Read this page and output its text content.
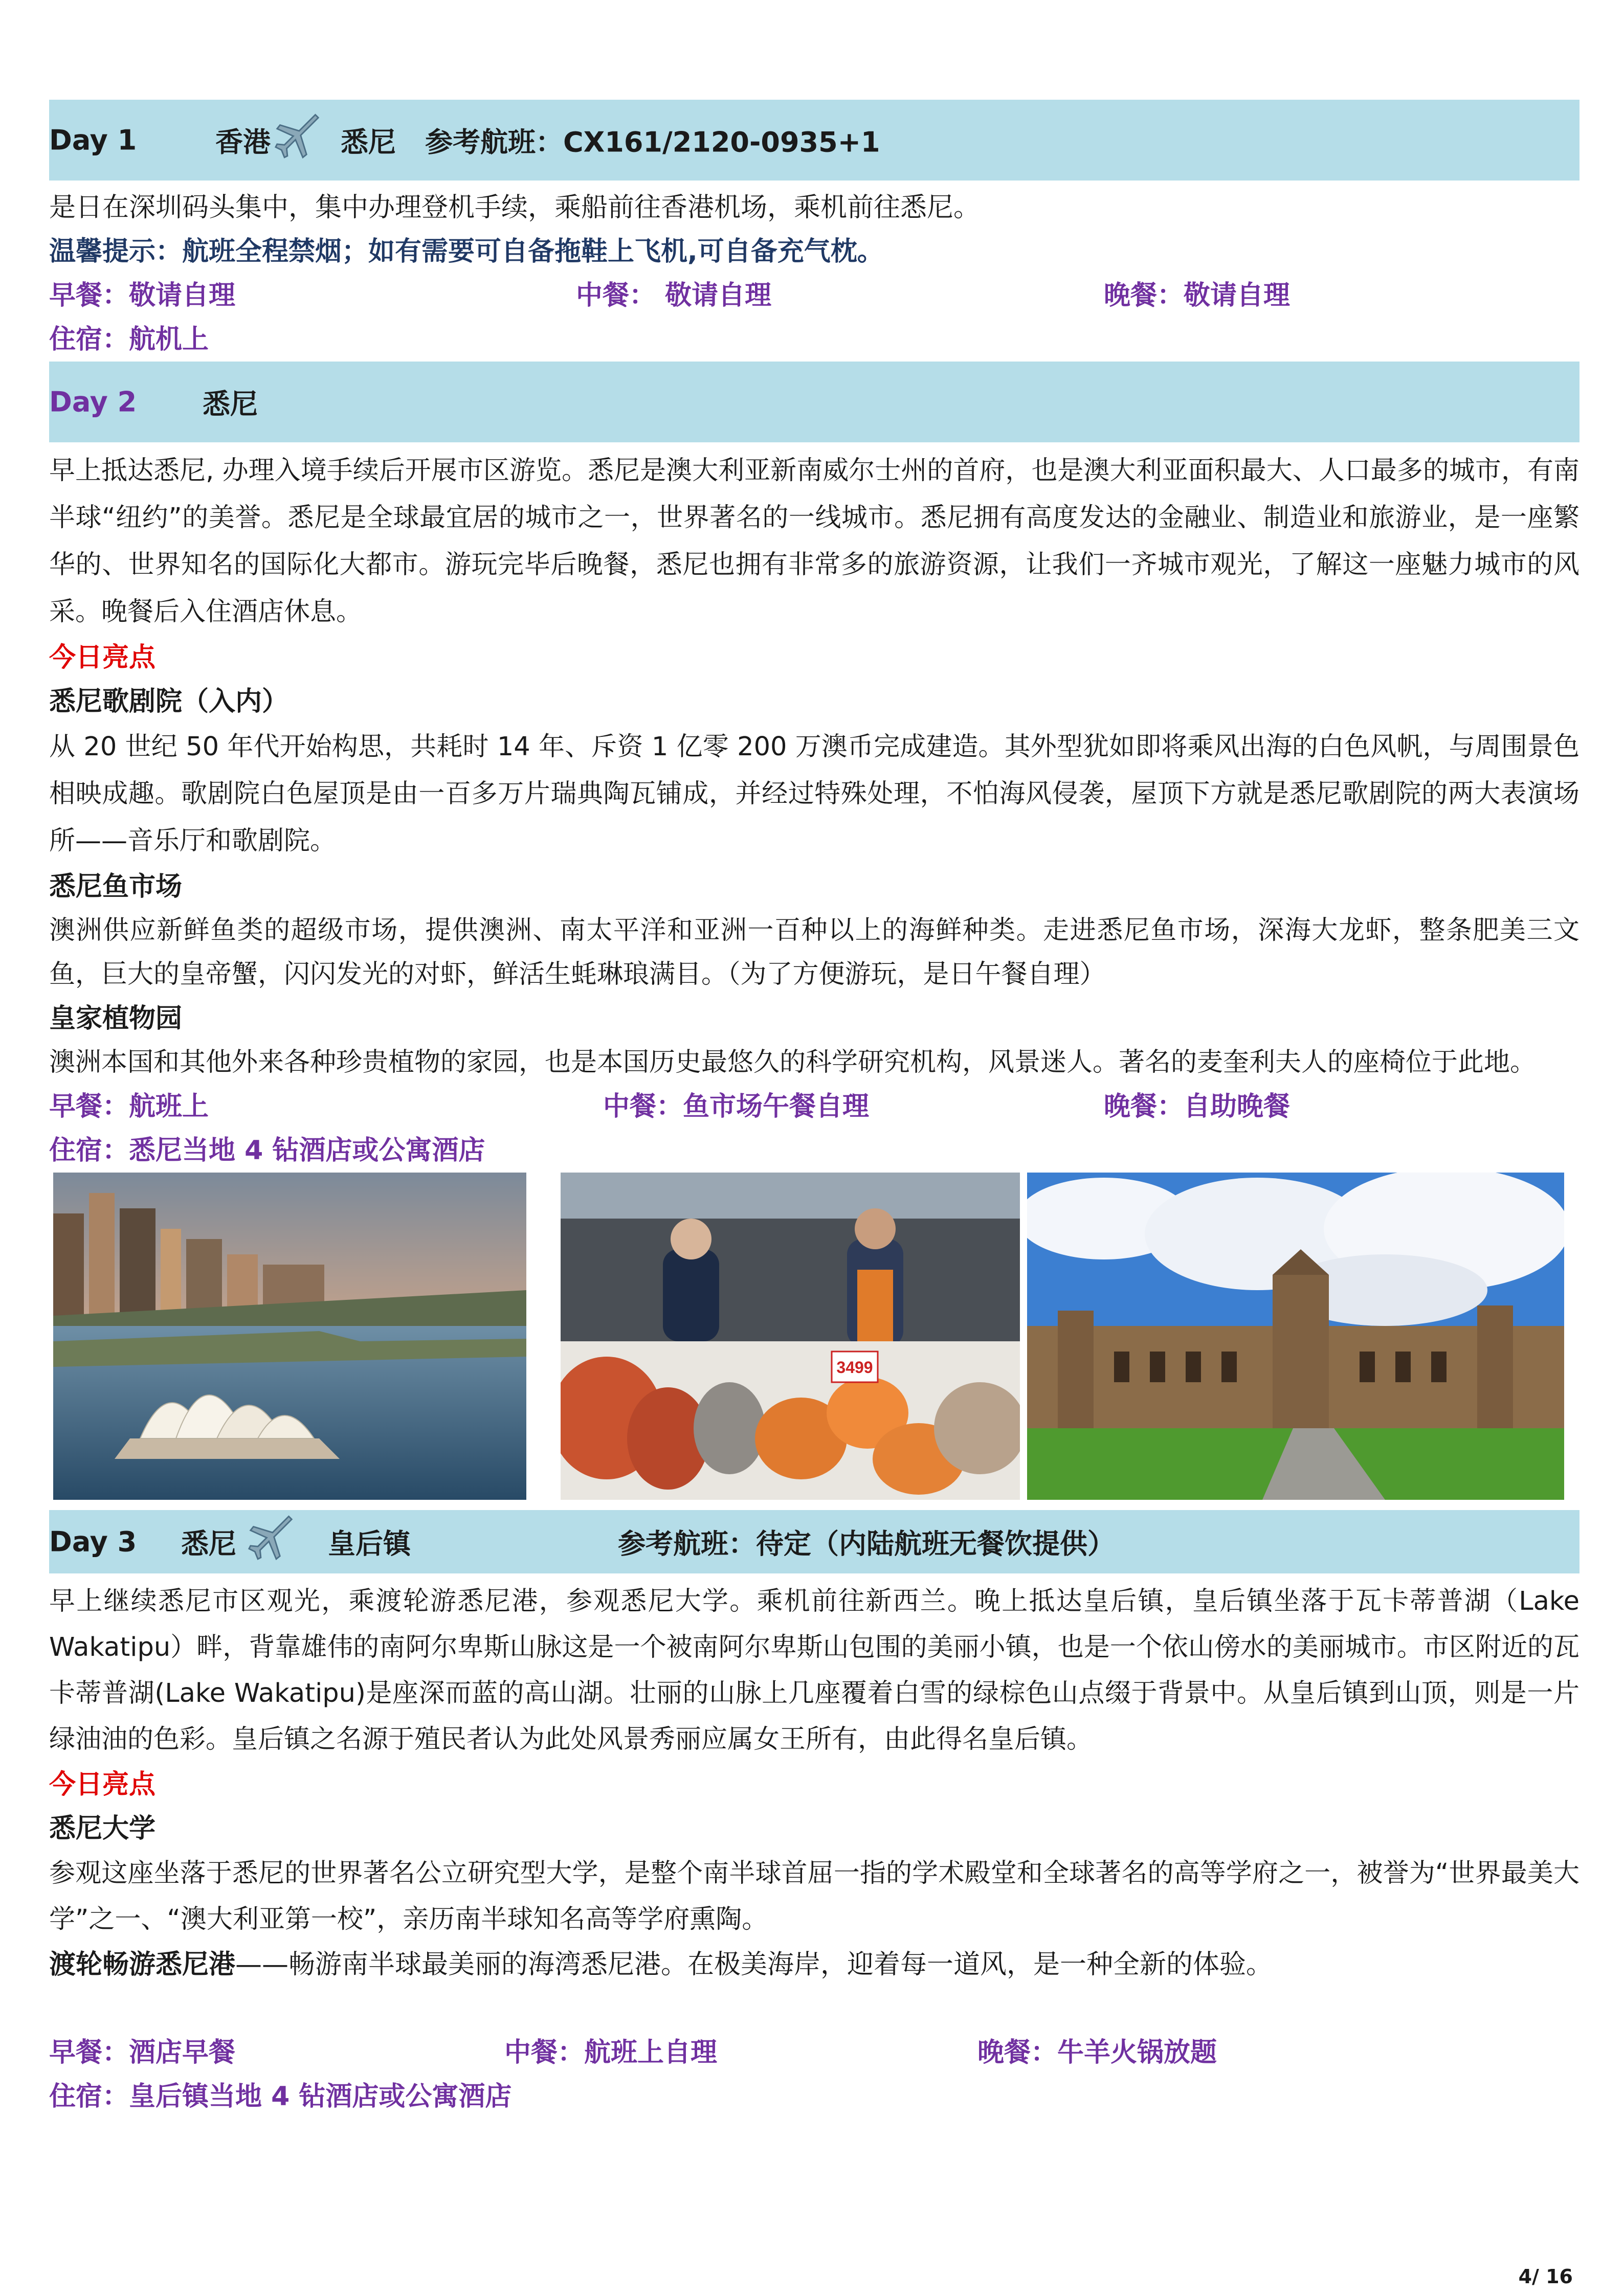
Day 1	香港	悉尼 参考航班：CX161/2120-0935+1
是日在深圳码头集中，集中办理登机手续，乘船前往香港机场，乘机前往悉尼。
温馨提示：航班全程禁烟；如有需要可自备拖鞋上飞机,可自备充气枕。
早餐：敬请自理	中餐： 敬请自理	晚餐：敬请自理
住宿：航机上
Day 2 悉尼
早上抵达悉尼, 办理入境手续后开展市区游览。悉尼是澳大利亚新南威尔士州的首府，也是澳大利亚面积最大、人口最多的城市，有南半球“纽约”的美誉。悉尼是全球最宜居的城市之一，世界著名的一线城市。悉尼拥有高度发达的金融业、制造业和旅游业，是一座繁华的、世界知名的国际化大都市。游玩完毕后晚餐，悉尼也拥有非常多的旅游资源，让我们一齐城市观光，了解这一座魅力城市的风采。晚餐后入住酒店休息。
今日亮点
悉尼歌剧院（入内）
从 20 世纪 50 年代开始构思，共耗时 14 年、斥资 1 亿零 200 万澳币完成建造。其外型犹如即将乘风出海的白色风帆，与周围景色相映成趣。歌剧院白色屋顶是由一百多万片瑞典陶瓦铺成，并经过特殊处理，不怕海风侵袭，屋顶下方就是悉尼歌剧院的两大表演场所——音乐厅和歌剧院。
悉尼鱼市场
澳洲供应新鲜鱼类的超级市场，提供澳洲、南太平洋和亚洲一百种以上的海鲜种类。走进悉尼鱼市场，深海大龙虾，整条肥美三文鱼，巨大的皇帝蟹，闪闪发光的对虾，鲜活生蚝琳琅满目。（为了方便游玩，是日午餐自理）
皇家植物园
澳洲本国和其他外来各种珍贵植物的家园，也是本国历史最悠久的科学研究机构，风景迷人。著名的麦奎利夫人的座椅位于此地。
早餐：航班上	中餐：鱼市场午餐自理	晚餐：自助晚餐
住宿：悉尼当地 4 钻酒店或公寓酒店
3499
Day 3 悉尼	皇后镇	参考航班：待定（内陆航班无餐饮提供）
早上继续悉尼市区观光，乘渡轮游悉尼港，参观悉尼大学。乘机前往新西兰。晚上抵达皇后镇，皇后镇坐落于瓦卡蒂普湖（Lake Wakatipu）畔，背靠雄伟的南阿尔卑斯山脉这是一个被南阿尔卑斯山包围的美丽小镇，也是一个依山傍水的美丽城市。市区附近的瓦卡蒂普湖(Lake Wakatipu)是座深而蓝的高山湖。壮丽的山脉上几座覆着白雪的绿棕色山点缀于背景中。从皇后镇到山顶，则是一片绿油油的色彩。皇后镇之名源于殖民者认为此处风景秀丽应属女王所有，由此得名皇后镇。
今日亮点
悉尼大学
参观这座坐落于悉尼的世界著名公立研究型大学，是整个南半球首屈一指的学术殿堂和全球著名的高等学府之一，被誉为“世界最美大学”之一、“澳大利亚第一校”，亲历南半球知名高等学府熏陶。
渡轮畅游悉尼港——畅游南半球最美丽的海湾悉尼港。在极美海岸，迎着每一道风，是一种全新的体验。
早餐：酒店早餐	中餐：航班上自理	晚餐：牛羊火锅放题
住宿：皇后镇当地 4 钻酒店或公寓酒店
4/ 16
